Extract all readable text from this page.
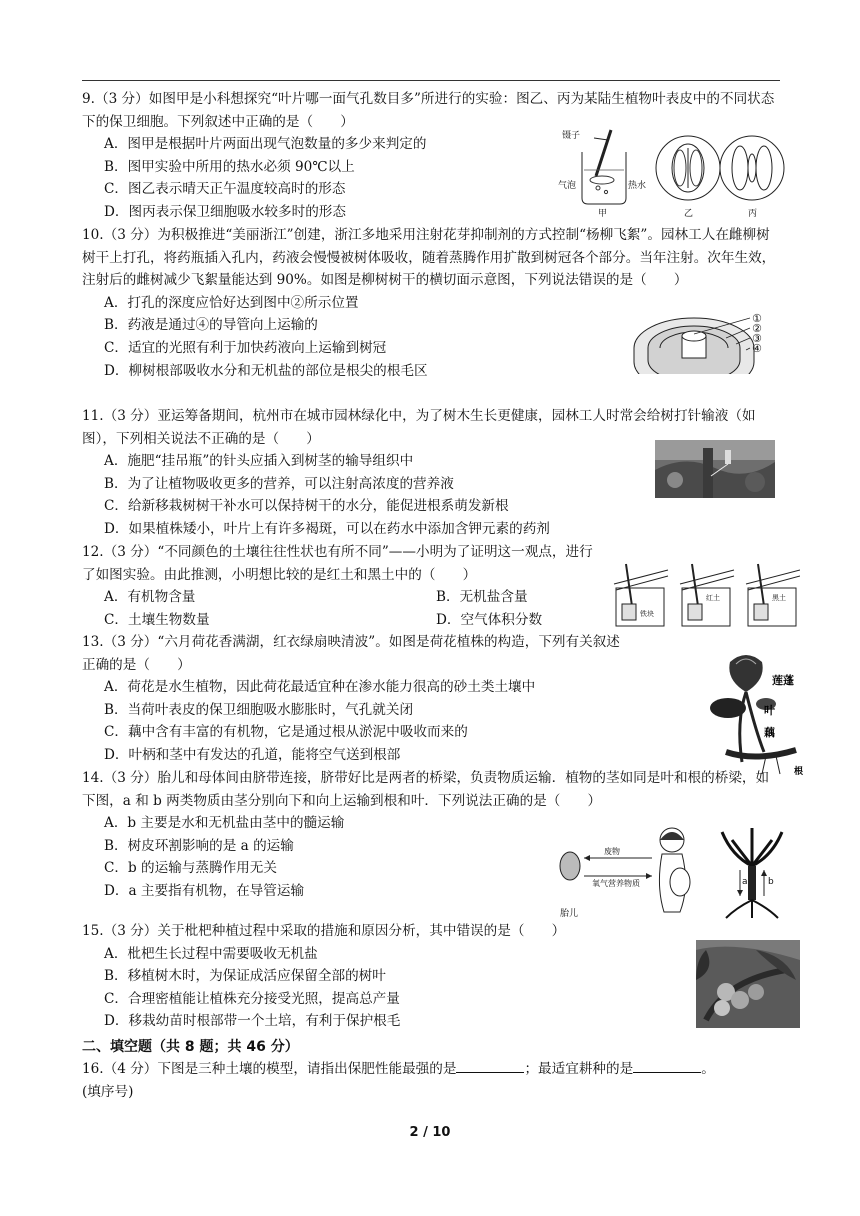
9.（3 分）如图甲是小科想探究“叶片哪一面气孔数目多”所进行的实验：图乙、丙为某陆生植物叶表皮中的不同状态下的保卫细胞。下列叙述中正确的是（　　）
A．图甲是根据叶片两面出现气泡数量的多少来判定的
B．图甲实验中所用的热水必须 90℃以上
C．图乙表示晴天正午温度较高时的形态
D．图丙表示保卫细胞吸水较多时的形态
镊子
气泡	热水
甲	乙	丙
10.（3 分）为积极推进“美丽浙江”创建，浙江多地采用注射花芽抑制剂的方式控制“杨柳飞絮”。园林工人在雌柳树树干上打孔，将药瓶插入孔内，药液会慢慢被树体吸收，随着蒸腾作用扩散到树冠各个部分。当年注射。次年生效，注射后的雌树减少飞絮量能达到 90%。如图是柳树树干的横切面示意图，下列说法错误的是（　　）
A．打孔的深度应恰好达到图中②所示位置
B．药液是通过④的导管向上运输的
C．适宜的光照有利于加快药液向上运输到树冠
D．柳树根部吸收水分和无机盐的部位是根尖的根毛区
①
②
③
④
11.（3 分）亚运筹备期间，杭州市在城市园林绿化中，为了树木生长更健康，园林工人时常会给树打针输液（如图），下列相关说法不正确的是（　　）
A．施肥“挂吊瓶”的针头应插入到树茎的输导组织中
B．为了让植物吸收更多的营养，可以注射高浓度的营养液
C．给新移栽树树干补水可以保持树干的水分，能促进根系萌发新根
D．如果植株矮小，叶片上有许多褐斑，可以在药水中添加含钾元素的药剂
12.（3 分）“不同颜色的土壤往往性状也有所不同”——小明为了证明这一观点，进行了如图实验。由此推测，小明想比较的是红土和黑土中的（　　）
A．有机物含量	B．无机盐含量
C．土壤生物数量	D．空气体积分数	铁块
红土	黑土
13.（3 分）“六月荷花香满湖，红衣绿扇映清波”。如图是荷花植株的构造，下列有关叙述正确的是（　　）
A．荷花是水生植物，因此荷花最适宜种在渗水能力很高的砂土类土壤中
B．当荷叶表皮的保卫细胞吸水膨胀时，气孔就关闭
C．藕中含有丰富的有机物，它是通过根从淤泥中吸收而来的
D．叶柄和茎中有发达的孔道，能将空气送到根部
莲蓬
叶
藕
根
14.（3 分）胎儿和母体间由脐带连接，脐带好比是两者的桥梁，负责物质运输．植物的茎如同是叶和根的桥梁，如下图，a 和 b 两类物质由茎分别向下和向上运输到根和叶．下列说法正确的是（　　）
A．b 主要是水和无机盐由茎中的髓运输
B．树皮环割影响的是 a 的运输
C．b 的运输与蒸腾作用无关
D．a 主要指有机物，在导管运输
胎儿
废物
氧气营养物质	a b
15.（3 分）关于枇杷种植过程中采取的措施和原因分析，其中错误的是（　　）
A．枇杷生长过程中需要吸收无机盐
B．移植树木时，为保证成活应保留全部的树叶
C．合理密植能让植株充分接受光照，提高总产量
D．移栽幼苗时根部带一个土培，有利于保护根毛
二、填空题（共 8 题；共 46 分）
16.（4 分）下图是三种土壤的模型，请指出保肥性能最强的是	；最适宜耕种的是	。
(填序号)
2 / 10
